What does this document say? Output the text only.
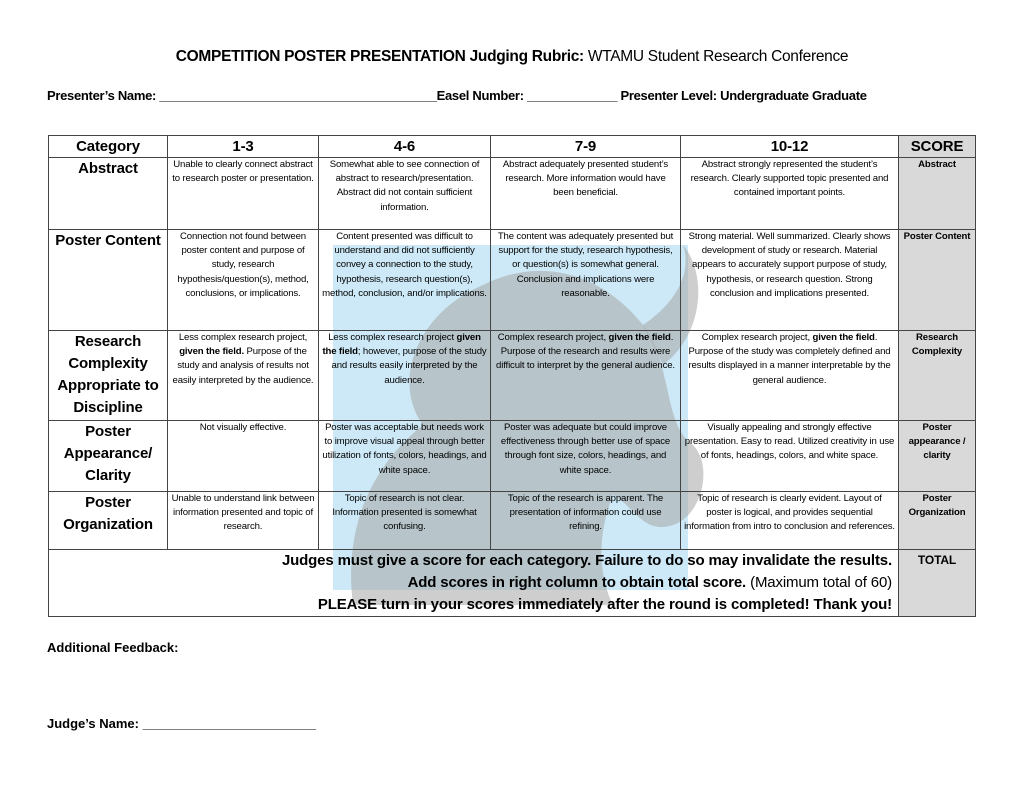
COMPETITION POSTER PRESENTATION Judging Rubric: WTAMU Student Research Conference
Presenter’s Name: ________________________________________Easel Number: _____________ Presenter Level: Undergraduate Graduate
Category	1-3	4-6	7-9	10-12	SCORE
Abstract	Unable to clearly connect abstract to research poster or presentation.	Somewhat able to see connection of abstract to research/presentation. Abstract did not contain sufficient information.	Abstract adequately presented student’s research. More information would have been beneficial.	Abstract strongly represented the student’s research. Clearly supported topic presented and contained important points.	Abstract
Poster Content	Connection not found between poster content and purpose of study, research hypothesis/question(s), method, conclusions, or implications.	Content presented was difficult to understand and did not sufficiently convey a connection to the study, hypothesis, research question(s), method, conclusion, and/or implications.	The content was adequately presented but support for the study, research hypothesis, or question(s) is somewhat general. Conclusion and implications were reasonable.	Strong material. Well summarized. Clearly shows development of study or research. Material appears to accurately support purpose of study, hypothesis, or research question. Strong conclusion and implications presented.	Poster Content
Research Complexity Appropriate to Discipline	Less complex research project, given the field. Purpose of the study and analysis of results not easily interpreted by the audience.	Less complex research project given the field; however, purpose of the study and results easily interpreted by the audience.	Complex research project, given the field. Purpose of the research and results were difficult to interpret by the general audience.	Complex research project, given the field. Purpose of the study was completely defined and results displayed in a manner interpretable by the general audience.	Research Complexity
Poster Appearance/ Clarity	Not visually effective.	Poster was acceptable but needs work to improve visual appeal through better utilization of fonts, colors, headings, and white space.	Poster was adequate but could improve effectiveness through better use of space through font size, colors, headings, and white space.	Visually appealing and strongly effective presentation. Easy to read. Utilized creativity in use of fonts, headings, colors, and white space.	Poster appearance / clarity
Poster Organization	Unable to understand link between information presented and topic of research.	Topic of research is not clear. Information presented is somewhat confusing.	Topic of the research is apparent. The presentation of information could use refining.	Topic of research is clearly evident. Layout of poster is logical, and provides sequential information from intro to conclusion and references.	Poster Organization

Judges must give a score for each category. Failure to do so may invalidate the results.
Add scores in right column to obtain total score. (Maximum total of 60)
PLEASE turn in your scores immediately after the round is completed! Thank you!					TOTAL
Additional Feedback:
Judge’s Name: ________________________
